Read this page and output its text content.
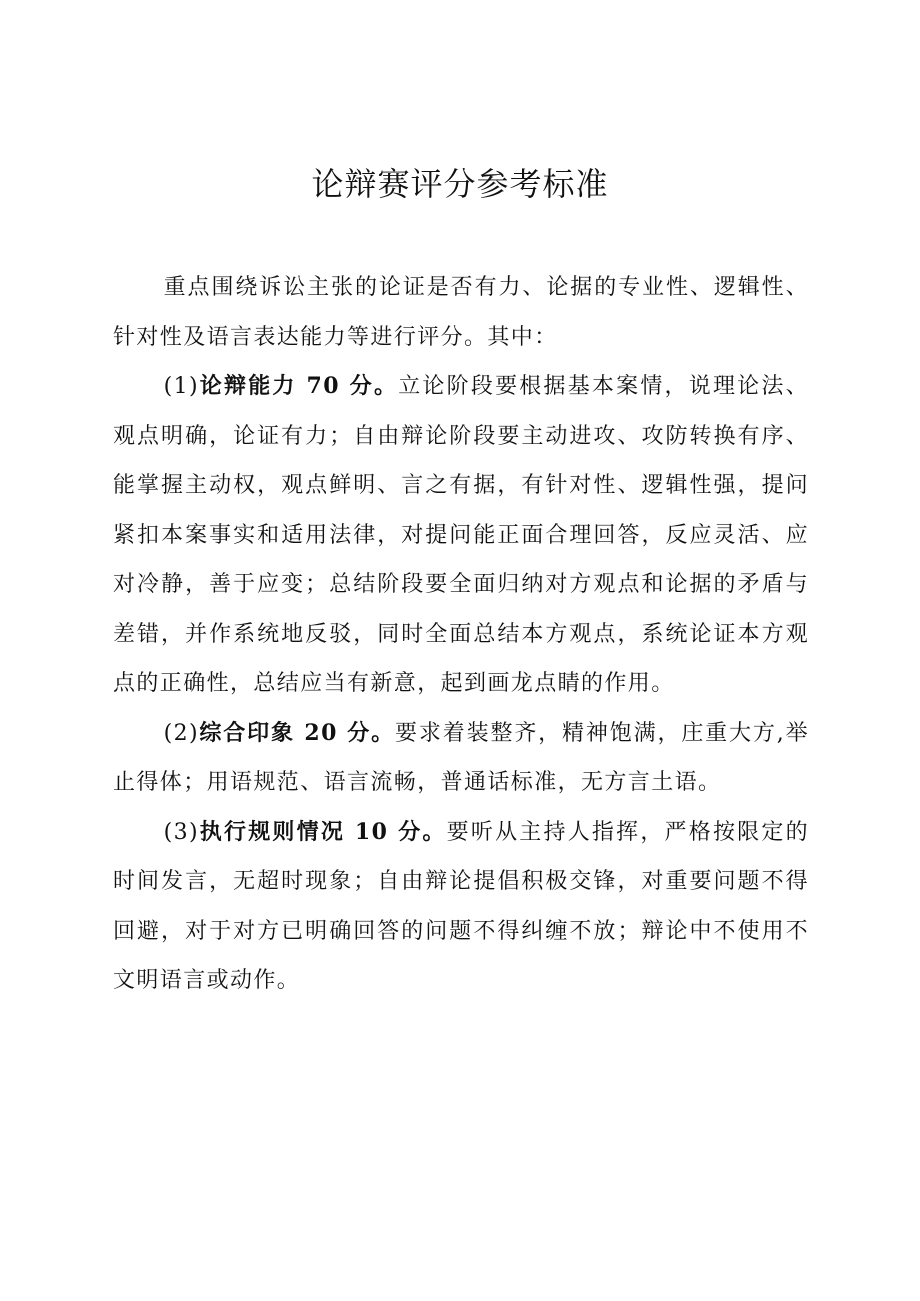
论辩赛评分参考标准

重点围绕诉讼主张的论证是否有力、论据的专业性、逻辑性、针对性及语言表达能力等进行评分。其中：

(1)论辩能力 70 分。立论阶段要根据基本案情，说理论法、观点明确，论证有力；自由辩论阶段要主动进攻、攻防转换有序、能掌握主动权，观点鲜明、言之有据，有针对性、逻辑性强，提问紧扣本案事实和适用法律，对提问能正面合理回答，反应灵活、应对冷静，善于应变；总结阶段要全面归纳对方观点和论据的矛盾与差错，并作系统地反驳，同时全面总结本方观点，系统论证本方观点的正确性，总结应当有新意，起到画龙点睛的作用。

(2)综合印象 20 分。要求着装整齐，精神饱满，庄重大方,举止得体；用语规范、语言流畅，普通话标准，无方言土语。

(3)执行规则情况 10 分。要听从主持人指挥，严格按限定的时间发言，无超时现象；自由辩论提倡积极交锋，对重要问题不得回避，对于对方已明确回答的问题不得纠缠不放；辩论中不使用不文明语言或动作。
